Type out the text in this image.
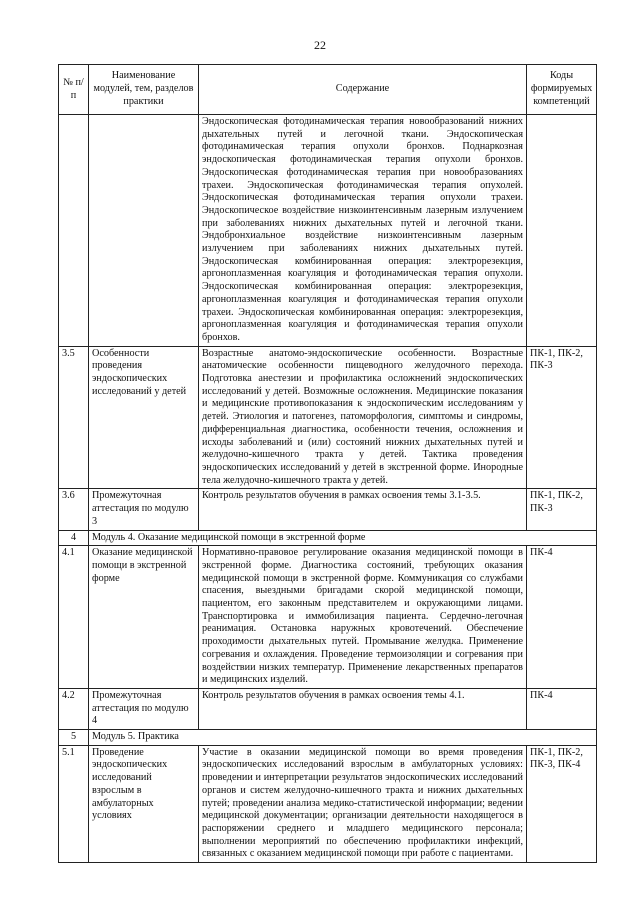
22
№ п/п	Наименование модулей, тем, разделов практики	Содержание	Коды формируемых компетенций
		Эндоскопическая фотодинамическая терапия новообразований нижних дыхательных путей и легочной ткани. Эндоскопическая фотодинамическая терапия опухоли бронхов. Поднаркозная эндоскопическая фотодинамическая терапия опухоли бронхов. Эндоскопическая фотодинамическая терапия при новообразованиях трахеи. Эндоскопическая фотодинамическая терапия опухолей. Эндоскопическая фотодинамическая терапия опухоли трахеи. Эндоскопическое воздействие низкоинтенсивным лазерным излучением при заболеваниях нижних дыхательных путей и легочной ткани. Эндобронхиальное воздействие низкоинтенсивным лазерным излучением при заболеваниях нижних дыхательных путей. Эндоскопическая комбинированная операция: электрорезекция, аргоноплазменная коагуляция и фотодинамическая терапия опухоли. Эндоскопическая комбинированная операция: электрорезекция, аргоноплазменная коагуляция и фотодинамическая терапия опухоли трахеи. Эндоскопическая комбинированная операция: электрорезекция, аргоноплазменная коагуляция и фотодинамическая терапия опухоли бронхов.	
3.5	Особенности проведения эндоскопических исследований у детей	Возрастные анатомо-эндоскопические особенности. Возрастные анатомические особенности пищеводного желудочного перехода. Подготовка анестезии и профилактика осложнений эндоскопических исследований у детей. Возможные осложнения. Медицинские показания и медицинские противопоказания к эндоскопическим исследованиям у детей. Этиология и патогенез, патоморфология, симптомы и синдромы, дифференциальная диагностика, особенности течения, осложнения и исходы заболеваний и (или) состояний нижних дыхательных путей и желудочно-кишечного тракта у детей. Тактика проведения эндоскопических исследований у детей в экстренной форме. Инородные тела желудочно-кишечного тракта у детей.	ПК-1, ПК-2, ПК-3
3.6	Промежуточная аттестация по модулю 3	Контроль результатов обучения в рамках освоения темы 3.1-3.5.	ПК-1, ПК-2, ПК-3
4	Модуль 4. Оказание медицинской помощи в экстренной форме		
4.1	Оказание медицинской помощи в экстренной форме	Нормативно-правовое регулирование оказания медицинской помощи в экстренной форме. Диагностика состояний, требующих оказания медицинской помощи в экстренной форме. Коммуникация со службами спасения, выездными бригадами скорой медицинской помощи, пациентом, его законным представителем и окружающими лицами. Транспортировка и иммобилизация пациента. Сердечно-легочная реанимация. Остановка наружных кровотечений. Обеспечение проходимости дыхательных путей. Промывание желудка. Применение согревания и охлаждения. Проведение термоизоляции и согревания при воздействии низких температур. Применение лекарственных препаратов и медицинских изделий.	ПК-4
4.2	Промежуточная аттестация по модулю 4	Контроль результатов обучения в рамках освоения темы 4.1.	ПК-4
5	Модуль 5. Практика		
5.1	Проведение эндоскопических исследований взрослым в амбулаторных условиях	Участие в оказании медицинской помощи во время проведения эндоскопических исследований взрослым в амбулаторных условиях: проведении и интерпретации результатов эндоскопических исследований органов и систем желудочно-кишечного тракта и нижних дыхательных путей; проведении анализа медико-статистической информации; ведении медицинской документации; организации деятельности находящегося в распоряжении среднего и младшего медицинского персонала; выполнении мероприятий по обеспечению профилактики инфекций, связанных с оказанием медицинской помощи при работе с пациентами.	ПК-1, ПК-2, ПК-3, ПК-4
